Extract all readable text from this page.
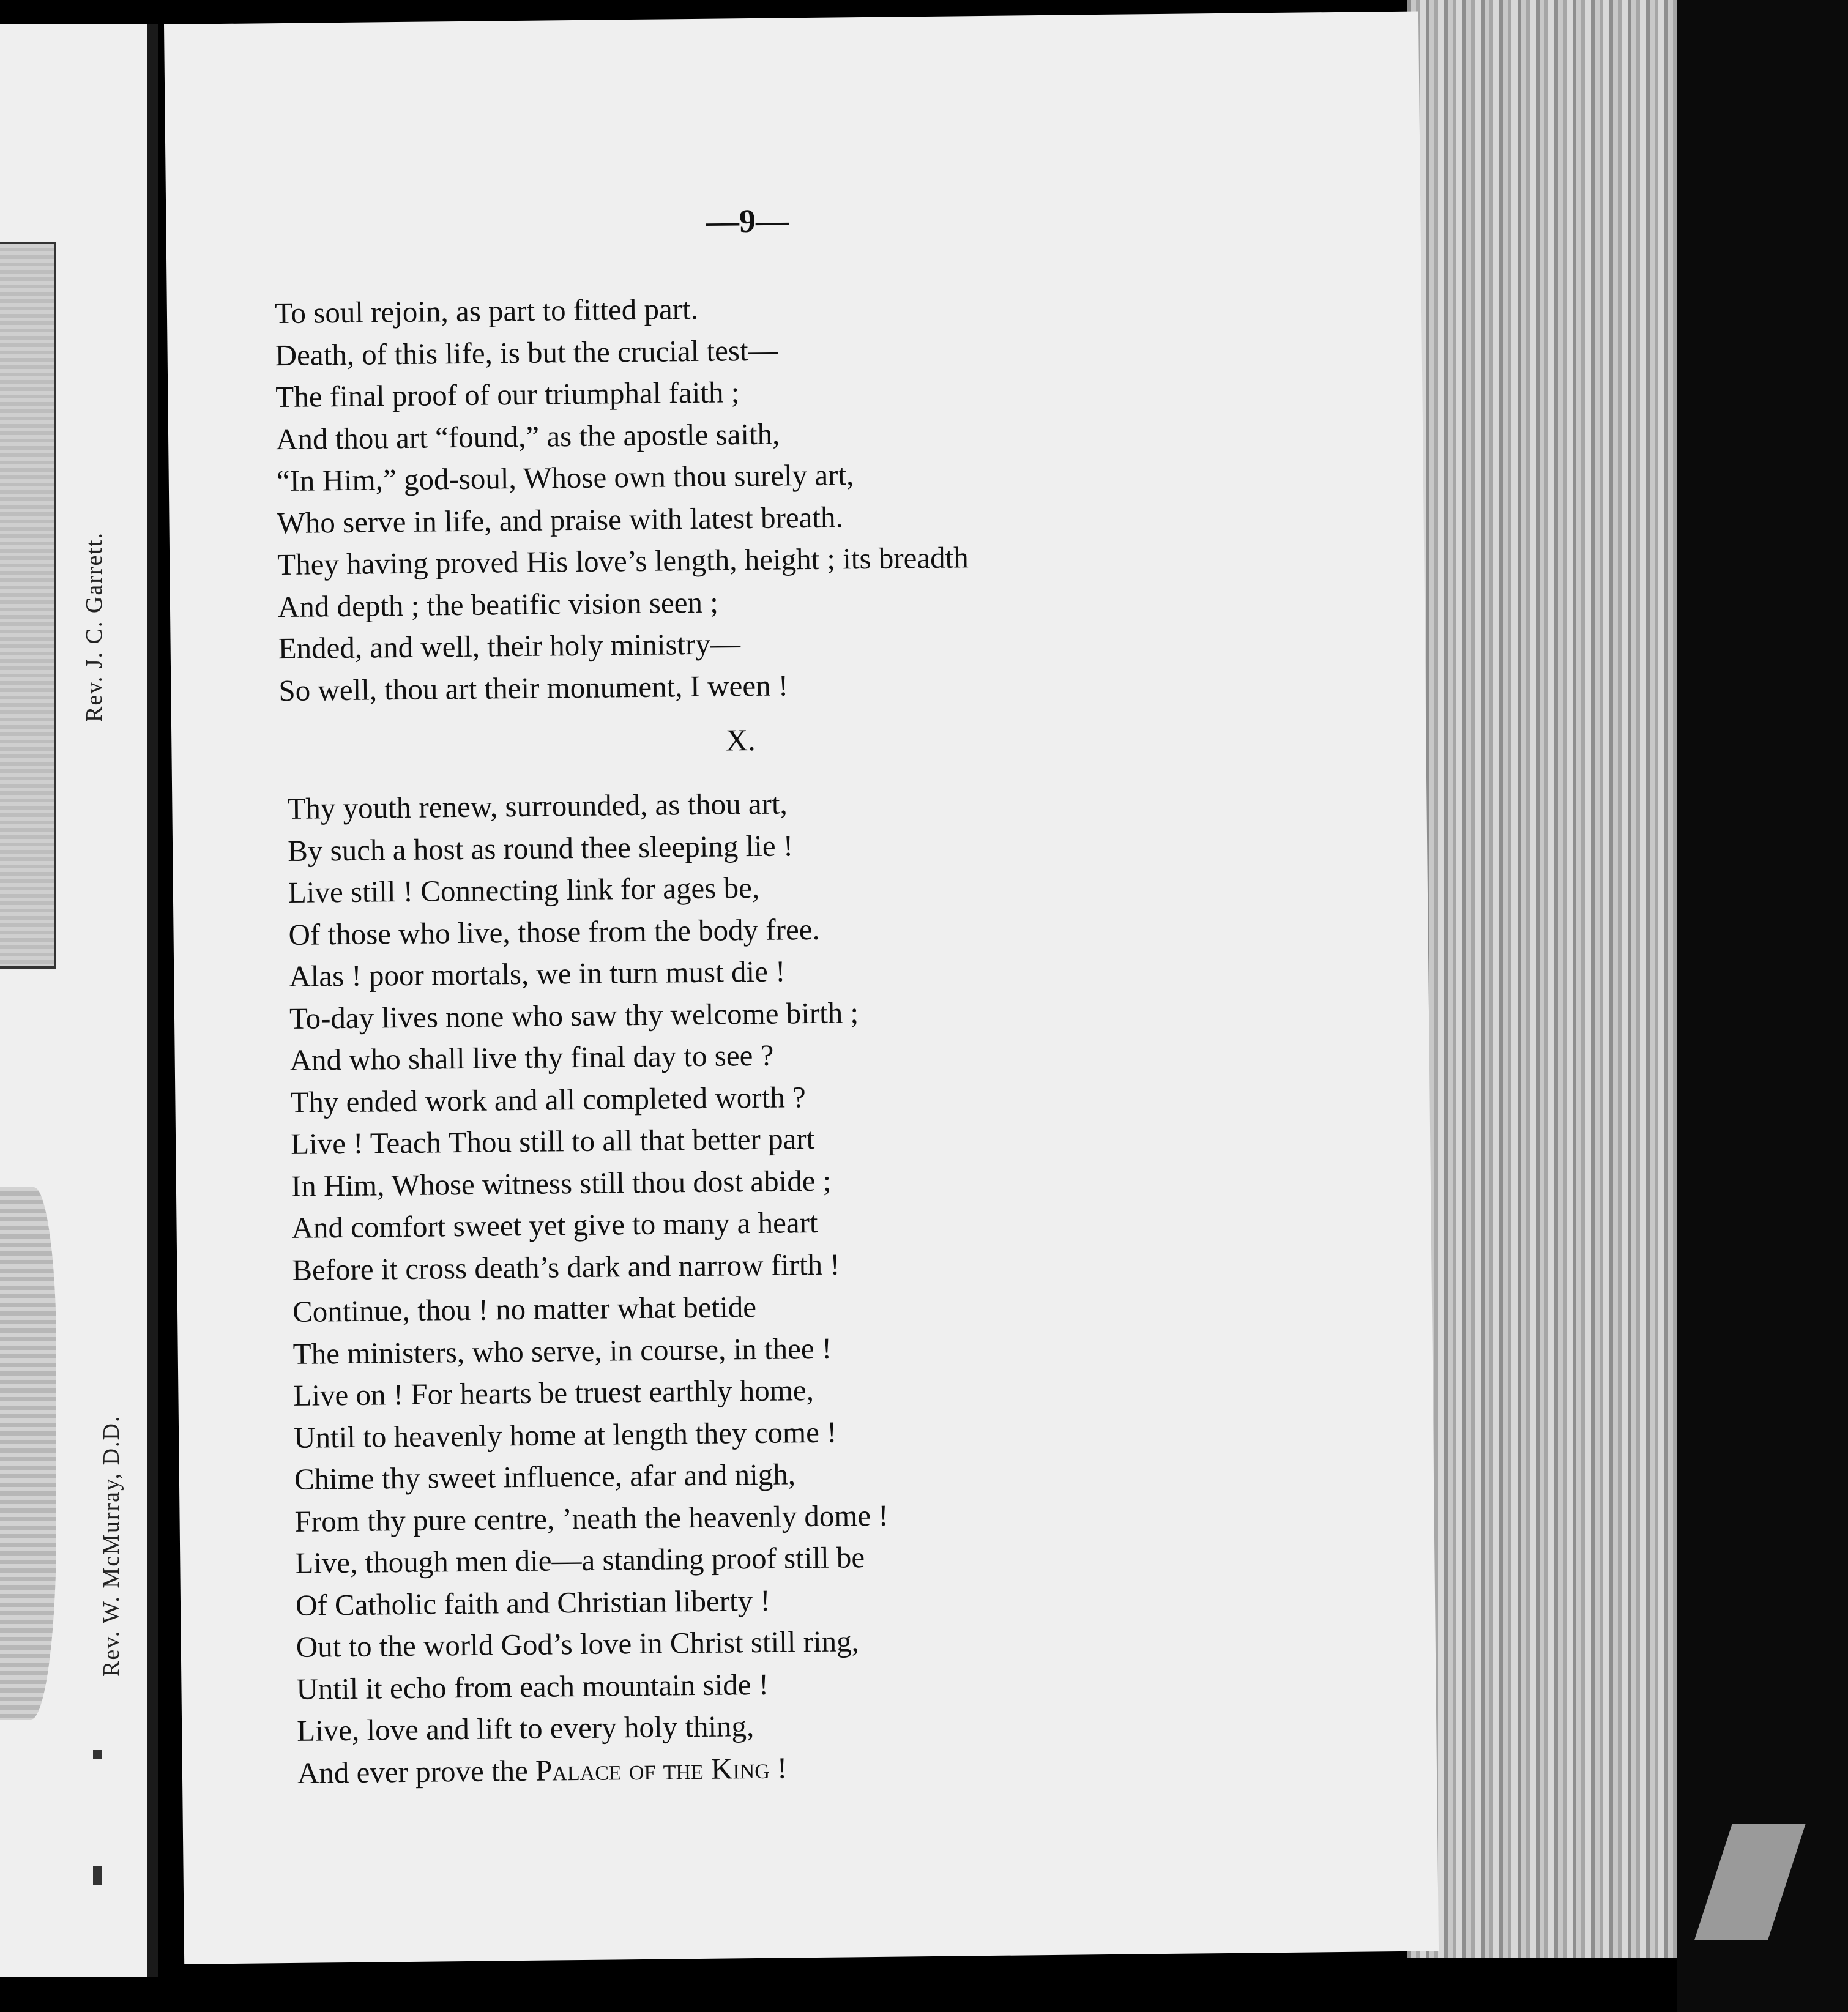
Rev. J. C. Garrett.
Rev. W. McMurray, D.D.
—9—
To soul rejoin, as part to fitted part.
Death, of this life, is but the crucial test—
The final proof of our triumphal faith ;
And thou art “found,” as the apostle saith,
“In Him,” god-soul, Whose own thou surely art,
Who serve in life, and praise with latest breath.
They having proved His love’s length, height ; its breadth
And depth ; the beatific vision seen ;
Ended, and well, their holy ministry—
So well, thou art their monument, I ween !
X.
Thy youth renew, surrounded, as thou art,
By such a host as round thee sleeping lie !
Live still ! Connecting link for ages be,
Of those who live, those from the body free.
Alas ! poor mortals, we in turn must die !
To-day lives none who saw thy welcome birth ;
And who shall live thy final day to see ?
Thy ended work and all completed worth ?
Live ! Teach Thou still to all that better part
In Him, Whose witness still thou dost abide ;
And comfort sweet yet give to many a heart
Before it cross death’s dark and narrow firth !
Continue, thou ! no matter what betide
The ministers, who serve, in course, in thee !
Live on ! For hearts be truest earthly home,
Until to heavenly home at length they come !
Chime thy sweet influence, afar and nigh,
From thy pure centre, ’neath the heavenly dome !
Live, though men die—a standing proof still be
Of Catholic faith and Christian liberty !
Out to the world God’s love in Christ still ring,
Until it echo from each mountain side !
Live, love and lift to every holy thing,
And ever prove the Palace of the King !
